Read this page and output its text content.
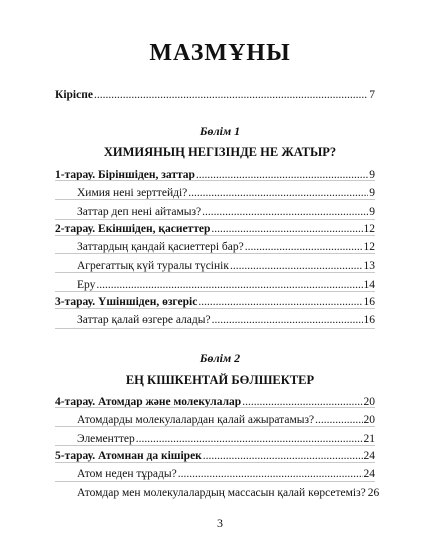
МАЗМҰНЫ
Кіріспе .....	7
Бөлім 1
ХИМИЯНЫҢ НЕГІЗІНДЕ НЕ ЖАТЫР?
1-тарау. Біріншіден, заттар .....	9
Химия нені зерттейді? .....	9
Заттар деп нені айтамыз? .....	9
2-тарау. Екіншіден, қасиеттер .....	12
Заттардың қандай қасиеттері бар? .....	12
Агрегаттық күй туралы түсінік .....	13
Еру .....	14
3-тарау. Үшіншіден, өзгеріс .....	16
Заттар қалай өзгере алады? .....	16
Бөлім 2
ЕҢ КІШКЕНТАЙ БӨЛШЕКТЕР
4-тарау. Атомдар және молекулалар .....	20
Атомдарды молекулалардан қалай ажыратамыз? .....	20
Элементтер .....	21
5-тарау. Атомнан да кішірек .....	24
Атом неден тұрады? .....	24
Атомдар мен молекулалардың массасын қалай көрсетеміз? 26
3
